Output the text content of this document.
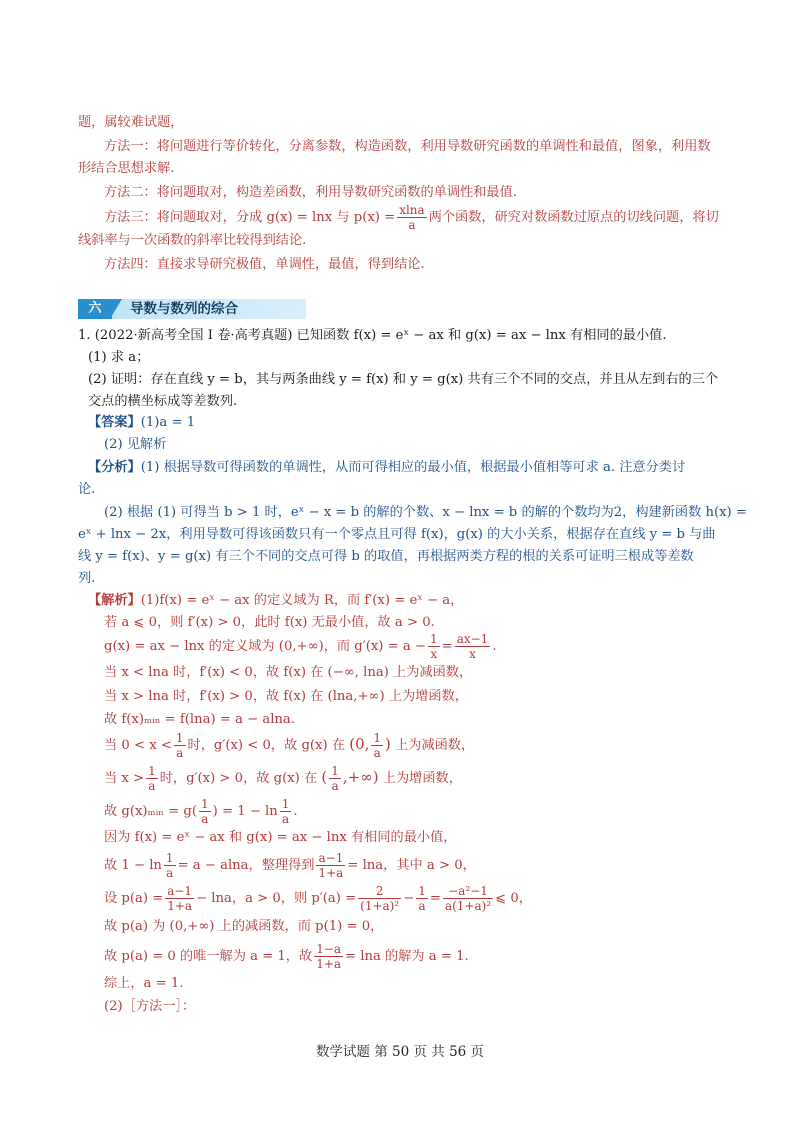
题，属较难试题，
方法一：将问题进行等价转化，分离参数，构造函数，利用导数研究函数的单调性和最值，图象，利用数
形结合思想求解.
方法二：将问题取对，构造差函数，利用导数研究函数的单调性和最值.
方法三：将问题取对，分成 g(x) = lnx 与 $p(x) = \frac{xlna}{a}$ 两个函数，研究对数函数过原点的切线问题，将切
线斜率与一次函数的斜率比较得到结论.
方法四：直接求导研究极值，单调性，最值，得到结论.
六	导数与数列的综合
1. (2022·新高考全国 Ⅰ 卷·高考真题) 已知函数 f(x) = eˣ − ax 和 g(x) = ax − lnx 有相同的最小值.
(1) 求 a；
(2) 证明：存在直线 y = b，其与两条曲线 y = f(x) 和 y = g(x) 共有三个不同的交点，并且从左到右的三个
交点的横坐标成等差数列.
【答案】(1)a = 1
(2) 见解析
【分析】(1) 根据导数可得函数的单调性，从而可得相应的最小值，根据最小值相等可求 a. 注意分类讨
论.
(2) 根据 (1) 可得当 b > 1 时，eˣ − x = b 的解的个数、x − lnx = b 的解的个数均为2，构建新函数 h(x) =
eˣ + lnx − 2x，利用导数可得该函数只有一个零点且可得 f(x)，g(x) 的大小关系，根据存在直线 y = b 与曲
线 y = f(x)、y = g(x) 有三个不同的交点可得 b 的取值，再根据两类方程的根的关系可证明三根成等差数
列.
【解析】(1)f(x) = eˣ − ax 的定义域为 R，而 f′(x) = eˣ − a，
若 a ⩽ 0，则 f′(x) > 0，此时 f(x) 无最小值，故 a > 0.
g(x) = ax − lnx 的定义域为 (0,+∞)，而 $g'(x) = a - \frac{1}{x} = \frac{ax-1}{x}$ .
当 x < lna 时，f′(x) < 0，故 f(x) 在 (−∞, lna) 上为减函数，
当 x > lna 时，f′(x) > 0，故 f(x) 在 (lna,+∞) 上为增函数，
故 f(x)ₘᵢₙ = f(lna) = a − alna.
当 $0 < x < \frac{1}{a}$ 时，g′(x) < 0，故 g(x) 在 (0, $\frac{1}{a}$ ) 上为减函数，
当 $x > \frac{1}{a}$ 时，g′(x) > 0，故 g(x) 在 ( $\frac{1}{a}$ ,+∞) 上为增函数，
故 g(x)ₘᵢₙ = $g( \frac{1}{a}$ ) = $1 - \ln \frac{1}{a}$ .
因为 f(x) = eˣ − ax 和 g(x) = ax − lnx 有相同的最小值，
故 $1 - \ln \frac{1}{a} = a - alna$，整理得到 $\frac{a-1}{1+a} = \ln a$，其中 a > 0，
设 $p(a) = \frac{a-1}{1+a} - \ln a$，a > 0，则 $p'(a) = \frac{2}{\text{(1+a)²}} - \frac{1}{a} = \frac{\text{−a²−1}}{\text{a(1+a)²}}$ ⩽ 0，
故 p(a) 为 (0,+∞) 上的减函数，而 p(1) = 0，
故 p(a) = 0 的唯一解为 a = 1，故 $\frac{1-a}{1+a} = \ln a$ 的解为 a = 1.
综上，a = 1.
(2)［方法一］：
数学试题 第 50 页 共 56 页
